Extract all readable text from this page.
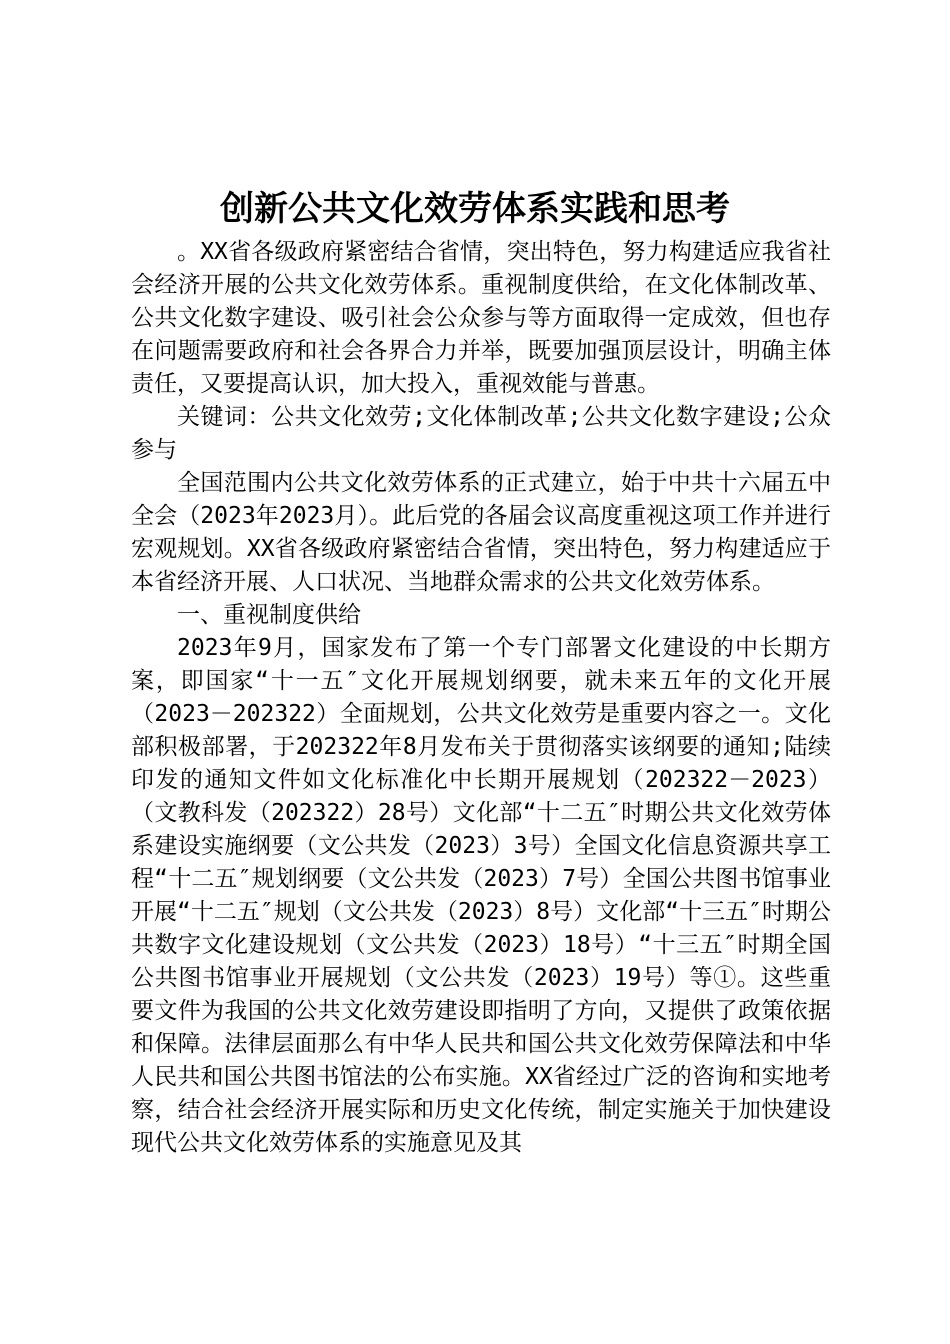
创新公共文化效劳体系实践和思考

。XX省各级政府紧密结合省情，突出特色，努力构建适应我省社会经济开展的公共文化效劳体系。重视制度供给，在文化体制改革、公共文化数字建设、吸引社会公众参与等方面取得一定成效，但也存在问题需要政府和社会各界合力并举，既要加强顶层设计，明确主体责任，又要提高认识，加大投入，重视效能与普惠。

关键词：公共文化效劳;文化体制改革;公共文化数字建设;公众参与

全国范围内公共文化效劳体系的正式建立，始于中共十六届五中全会（2023年2023月）。此后党的各届会议高度重视这项工作并进行宏观规划。XX省各级政府紧密结合省情，突出特色，努力构建适应于本省经济开展、人口状况、当地群众需求的公共文化效劳体系。

一、重视制度供给

2023年9月，国家发布了第一个专门部署文化建设的中长期方案，即国家“十一五″文化开展规划纲要，就未来五年的文化开展（2023－202322）全面规划，公共文化效劳是重要内容之一。文化部积极部署，于202322年8月发布关于贯彻落实该纲要的通知;陆续印发的通知文件如文化标准化中长期开展规划（202322－2023）（文教科发（202322）28号）文化部“十二五″时期公共文化效劳体系建设实施纲要（文公共发（2023）3号）全国文化信息资源共享工程“十二五″规划纲要（文公共发（2023）7号）全国公共图书馆事业开展“十二五″规划（文公共发（2023）8号）文化部“十三五″时期公共数字文化建设规划（文公共发（2023）18号）“十三五″时期全国公共图书馆事业开展规划（文公共发（2023）19号）等①。这些重要文件为我国的公共文化效劳建设即指明了方向，又提供了政策依据和保障。法律层面那么有中华人民共和国公共文化效劳保障法和中华人民共和国公共图书馆法的公布实施。XX省经过广泛的咨询和实地考察，结合社会经济开展实际和历史文化传统，制定实施关于加快建设现代公共文化效劳体系的实施意见及其
